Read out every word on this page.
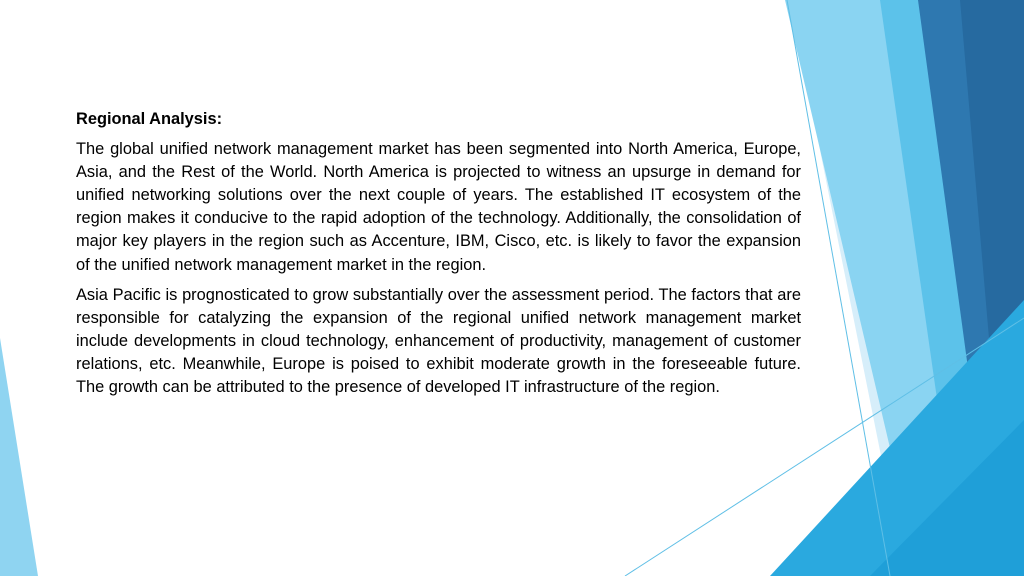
Regional Analysis:

The global unified network management market has been segmented into North America, Europe, Asia, and the Rest of the World. North America is projected to witness an upsurge in demand for unified networking solutions over the next couple of years. The established IT ecosystem of the region makes it conducive to the rapid adoption of the technology. Additionally, the consolidation of major key players in the region such as Accenture, IBM, Cisco, etc. is likely to favor the expansion of the unified network management market in the region.

Asia Pacific is prognosticated to grow substantially over the assessment period. The factors that are responsible for catalyzing the expansion of the regional unified network management market include developments in cloud technology, enhancement of productivity, management of customer relations, etc. Meanwhile, Europe is poised to exhibit moderate growth in the foreseeable future. The growth can be attributed to the presence of developed IT infrastructure of the region.
